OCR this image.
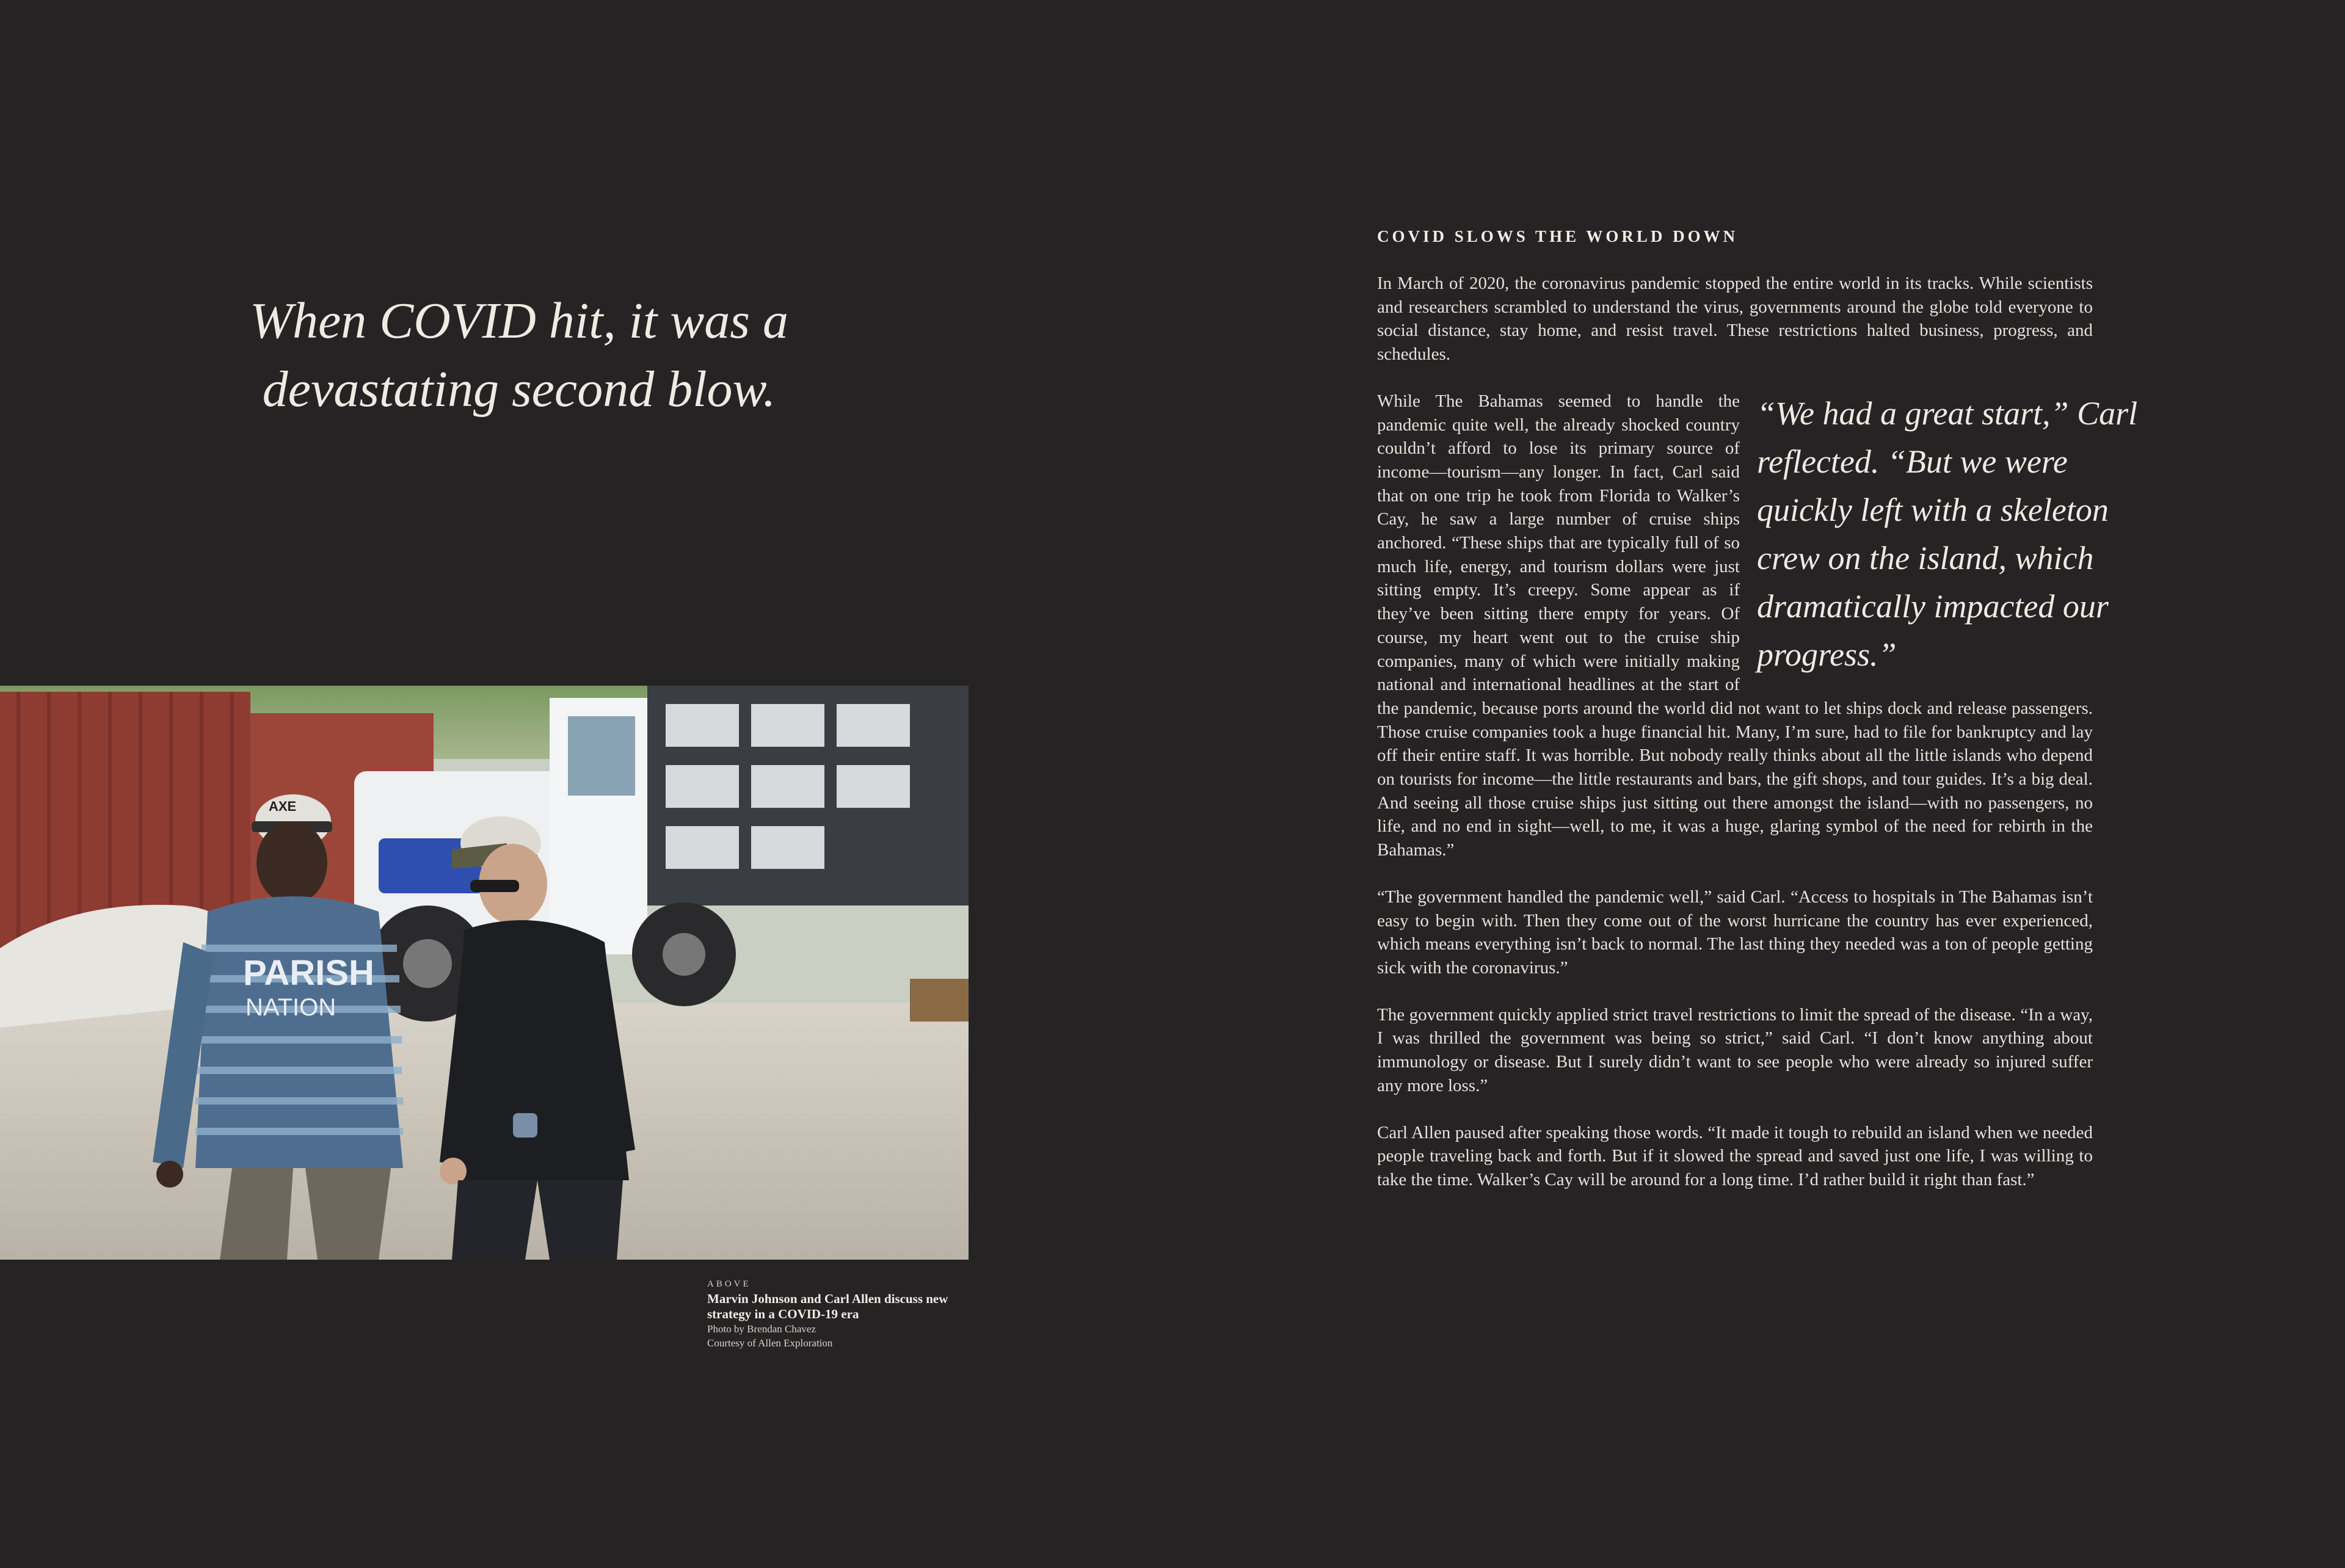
When COVID hit, it was a devastating second blow.
PARISH
NATION
AXE
ABOVE
Marvin Johnson and Carl Allen discuss new strategy in a COVID-19 era
Photo by Brendan Chavez
Courtesy of Allen Exploration
COVID SLOWS THE WORLD DOWN

In March of 2020, the coronavirus pandemic stopped the entire world in its tracks. While scientists and researchers scrambled to understand the virus, governments around the globe told everyone to social distance, stay home, and resist travel. These restrictions halted business, progress, and schedules.

“We had a great start,” Carl reflected. “But we were quickly left with a skeleton crew on the island, which dramatically impacted our progress.”

While The Bahamas seemed to handle the pandemic quite well, the already shocked country couldn’t afford to lose its primary source of income—tourism—any longer. In fact, Carl said that on one trip he took from Florida to Walker’s Cay, he saw a large number of cruise ships anchored. “These ships that are typically full of so much life, energy, and tourism dollars were just sitting empty. It’s creepy. Some appear as if they’ve been sitting there empty for years. Of course, my heart went out to the cruise ship companies, many of which were initially making national and international headlines at the start of the pandemic, because ports around the world did not want to let ships dock and release passengers. Those cruise companies took a huge financial hit. Many, I’m sure, had to file for bankruptcy and lay off their entire staff. It was horrible. But nobody really thinks about all the little islands who depend on tourists for income—the little restaurants and bars, the gift shops, and tour guides. It’s a big deal. And seeing all those cruise ships just sitting out there amongst the island—with no passengers, no life, and no end in sight—well, to me, it was a huge, glaring symbol of the need for rebirth in the Bahamas.”

“The government handled the pandemic well,” said Carl. “Access to hospitals in The Bahamas isn’t easy to begin with. Then they come out of the worst hurricane the country has ever experienced, which means everything isn’t back to normal. The last thing they needed was a ton of people getting sick with the coronavirus.”

The government quickly applied strict travel restrictions to limit the spread of the disease. “In a way, I was thrilled the government was being so strict,” said Carl. “I don’t know anything about immunology or disease. But I surely didn’t want to see people who were already so injured suffer any more loss.”

Carl Allen paused after speaking those words. “It made it tough to rebuild an island when we needed people traveling back and forth. But if it slowed the spread and saved just one life, I was willing to take the time. Walker’s Cay will be around for a long time. I’d rather build it right than fast.”
